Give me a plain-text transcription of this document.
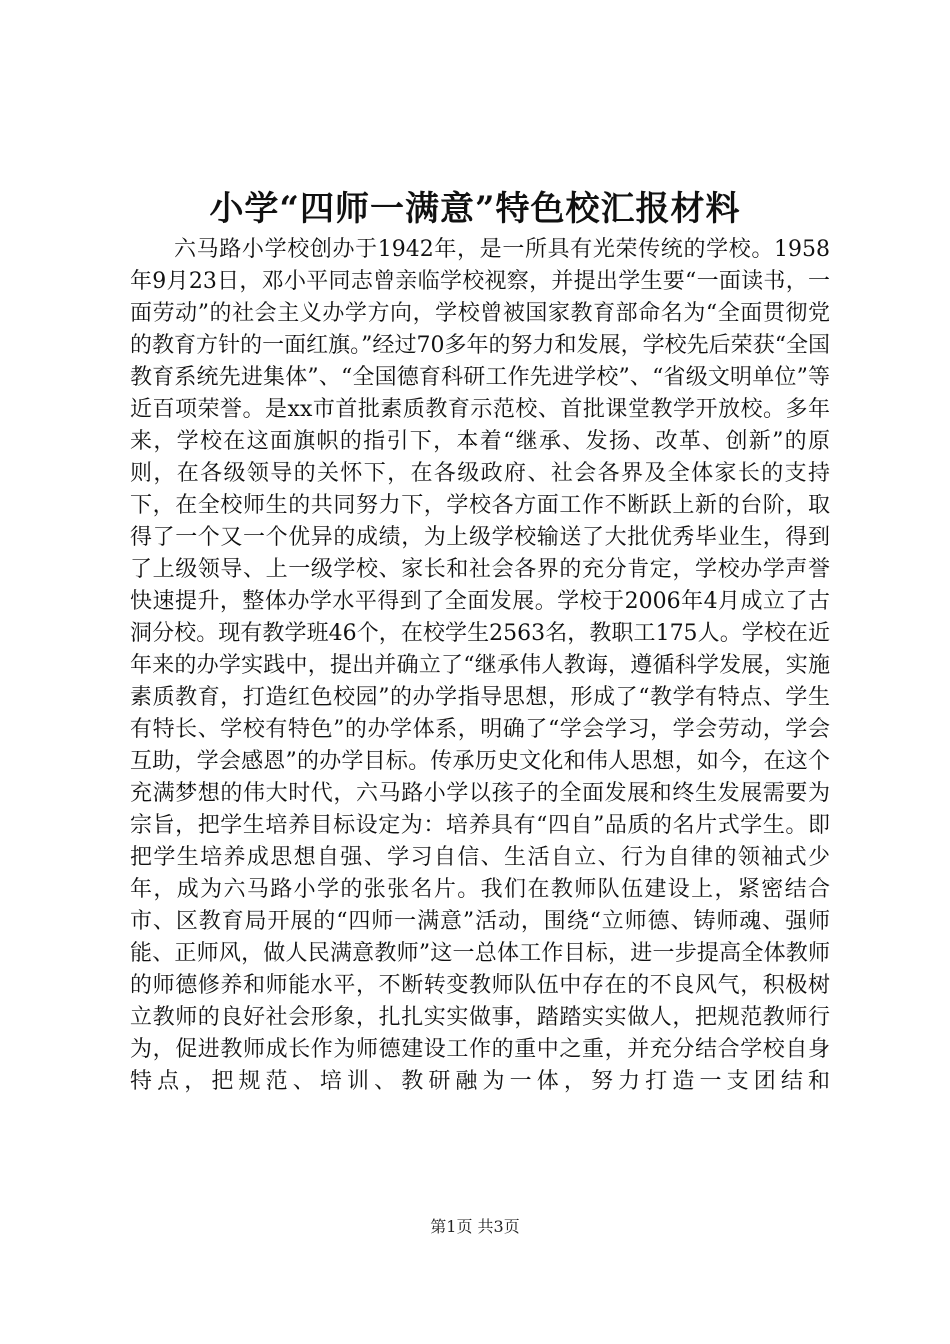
小学“四师一满意”特色校汇报材料

六马路小学校创办于1942年，是一所具有光荣传统的学校。1958年9月23日，邓小平同志曾亲临学校视察，并提出学生要“一面读书，一面劳动”的社会主义办学方向，学校曾被国家教育部命名为“全面贯彻党的教育方针的一面红旗。”经过70多年的努力和发展，学校先后荣获“全国教育系统先进集体”、“全国德育科研工作先进学校”、“省级文明单位”等近百项荣誉。是xx市首批素质教育示范校、首批课堂教学开放校。多年来，学校在这面旗帜的指引下，本着“继承、发扬、改革、创新”的原则，在各级领导的关怀下，在各级政府、社会各界及全体家长的支持下，在全校师生的共同努力下，学校各方面工作不断跃上新的台阶，取得了一个又一个优异的成绩，为上级学校输送了大批优秀毕业生，得到了上级领导、上一级学校、家长和社会各界的充分肯定，学校办学声誉快速提升，整体办学水平得到了全面发展。学校于2006年4月成立了古洞分校。现有教学班46个，在校学生2563名，教职工175人。学校在近年来的办学实践中，提出并确立了“继承伟人教诲，遵循科学发展，实施素质教育，打造红色校园”的办学指导思想，形成了“教学有特点、学生有特长、学校有特色”的办学体系，明确了“学会学习，学会劳动，学会互助，学会感恩”的办学目标。传承历史文化和伟人思想，如今，在这个充满梦想的伟大时代，六马路小学以孩子的全面发展和终生发展需要为宗旨，把学生培养目标设定为：培养具有“四自”品质的名片式学生。即把学生培养成思想自强、学习自信、生活自立、行为自律的领袖式少年，成为六马路小学的张张名片。我们在教师队伍建设上，紧密结合市、区教育局开展的“四师一满意”活动，围绕“立师德、铸师魂、强师能、正师风，做人民满意教师”这一总体工作目标，进一步提高全体教师的师德修养和师能水平，不断转变教师队伍中存在的不良风气，积极树立教师的良好社会形象，扎扎实实做事，踏踏实实做人，把规范教师行为，促进教师成长作为师德建设工作的重中之重，并充分结合学校自身特点，把规范、培训、教研融为一体，努力打造一支团结和

第1页 共3页
